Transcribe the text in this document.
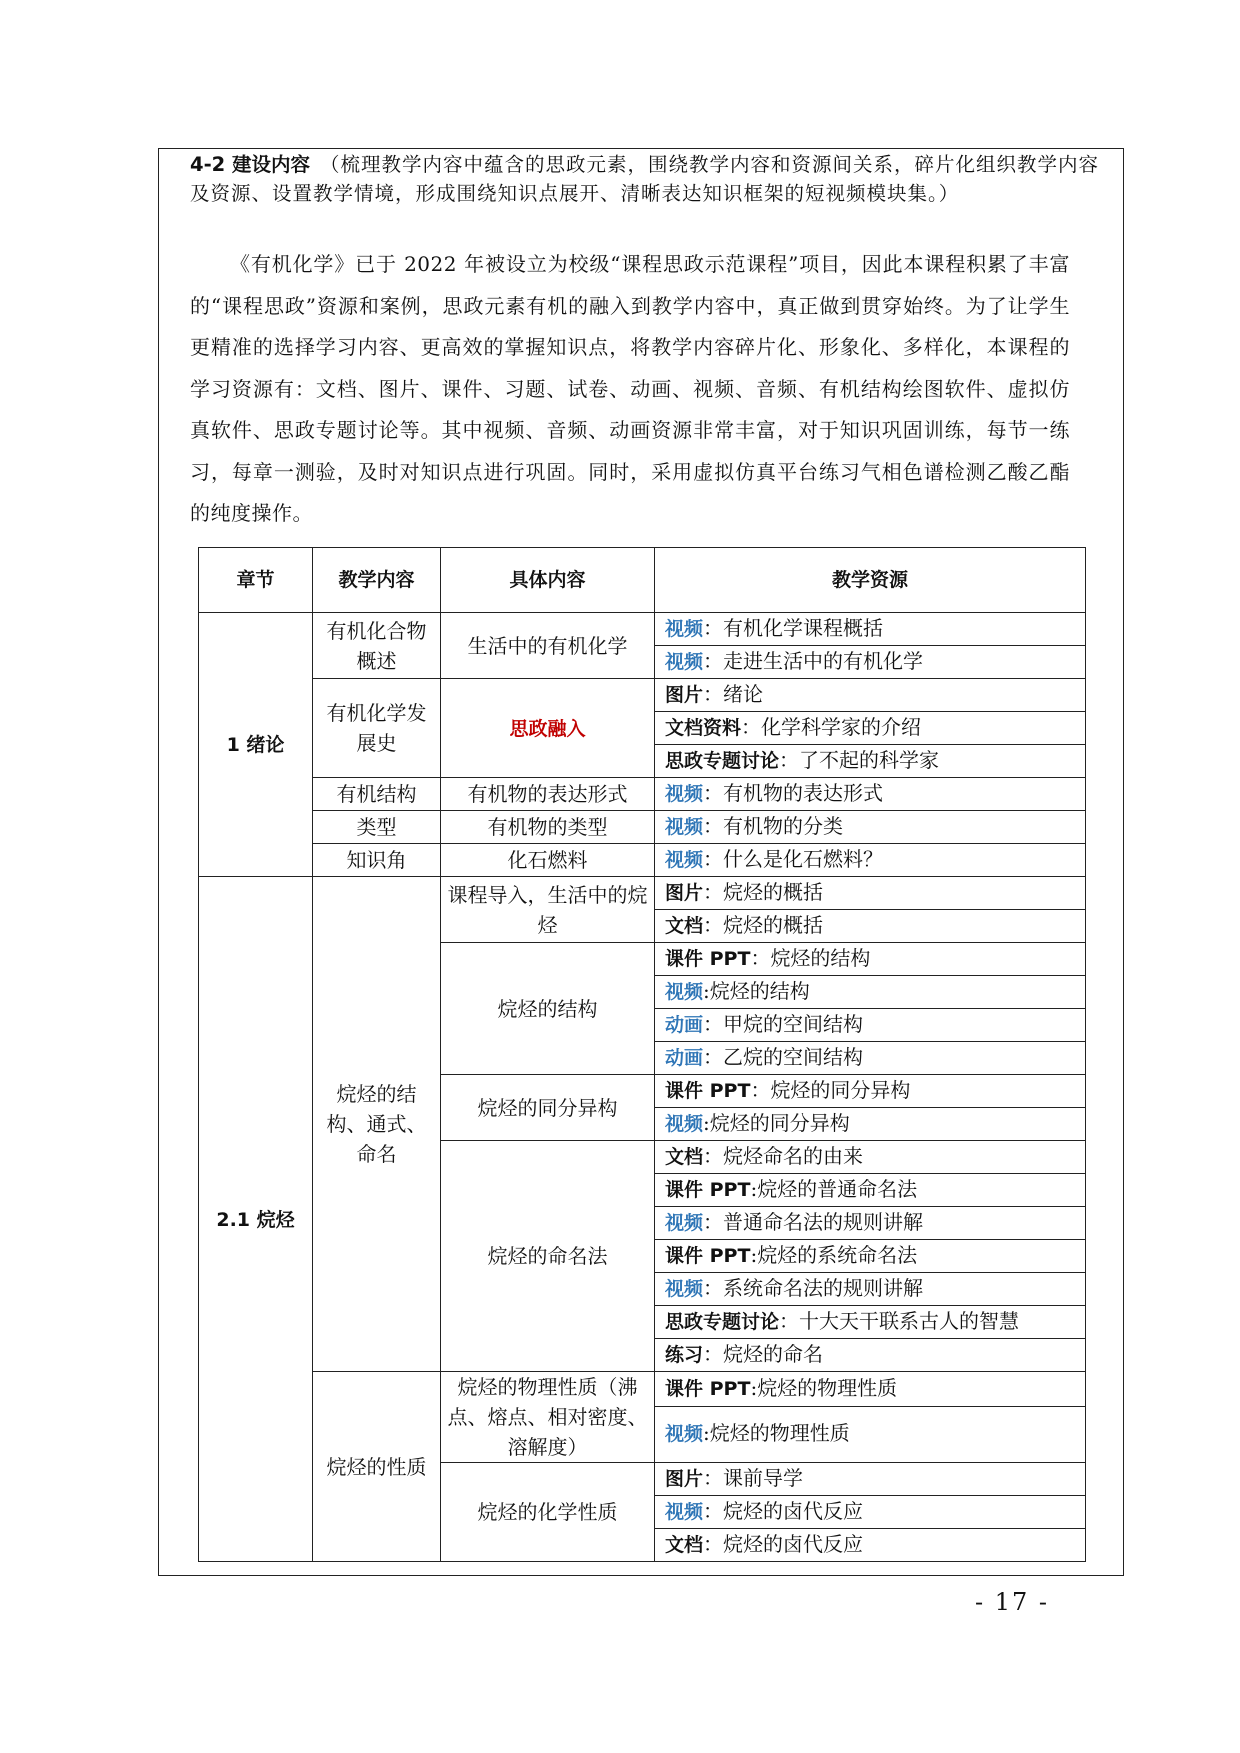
4-2 建设内容 （梳理教学内容中蕴含的思政元素，围绕教学内容和资源间关系，碎片化组织教学内容及资源、设置教学情境，形成围绕知识点展开、清晰表达知识框架的短视频模块集。）

《有机化学》已于 2022 年被设立为校级“课程思政示范课程”项目，因此本课程积累了丰富的“课程思政”资源和案例，思政元素有机的融入到教学内容中，真正做到贯穿始终。为了让学生更精准的选择学习内容、更高效的掌握知识点，将教学内容碎片化、形象化、多样化，本课程的学习资源有：文档、图片、课件、习题、试卷、动画、视频、音频、有机结构绘图软件、虚拟仿真软件、思政专题讨论等。其中视频、音频、动画资源非常丰富，对于知识巩固训练，每节一练习，每章一测验，及时对知识点进行巩固。同时，采用虚拟仿真平台练习气相色谱检测乙酸乙酯的纯度操作。

章节	教学内容	具体内容	教学资源
1 绪论	有机化合物概述	生活中的有机化学	视频：有机化学课程概括
			视频：走进生活中的有机化学
	有机化学发展史	思政融入	图片：绪论
			文档资料：化学科学家的介绍
			思政专题讨论：了不起的科学家
	有机结构	有机物的表达形式	视频：有机物的表达形式
	类型	有机物的类型	视频：有机物的分类
	知识角	化石燃料	视频：什么是化石燃料？
2.1 烷烃	烷烃的结构、通式、命名	课程导入，生活中的烷烃	图片：烷烃的概括
			文档：烷烃的概括
		烷烃的结构	课件 PPT：烷烃的结构
			视频:烷烃的结构
			动画：甲烷的空间结构
			动画：乙烷的空间结构
		烷烃的同分异构	课件 PPT：烷烃的同分异构
			视频:烷烃的同分异构
		烷烃的命名法	文档：烷烃命名的由来
			课件 PPT:烷烃的普通命名法
			视频：普通命名法的规则讲解
			课件 PPT:烷烃的系统命名法
			视频：系统命名法的规则讲解
			思政专题讨论：十大天干联系古人的智慧
			练习：烷烃的命名
	烷烃的性质	烷烃的物理性质（沸点、熔点、相对密度、溶解度）	课件 PPT:烷烃的物理性质
			视频:烷烃的物理性质
		烷烃的化学性质	图片：课前导学
			视频：烷烃的卤代反应
			文档：烷烃的卤代反应
- 17 -
